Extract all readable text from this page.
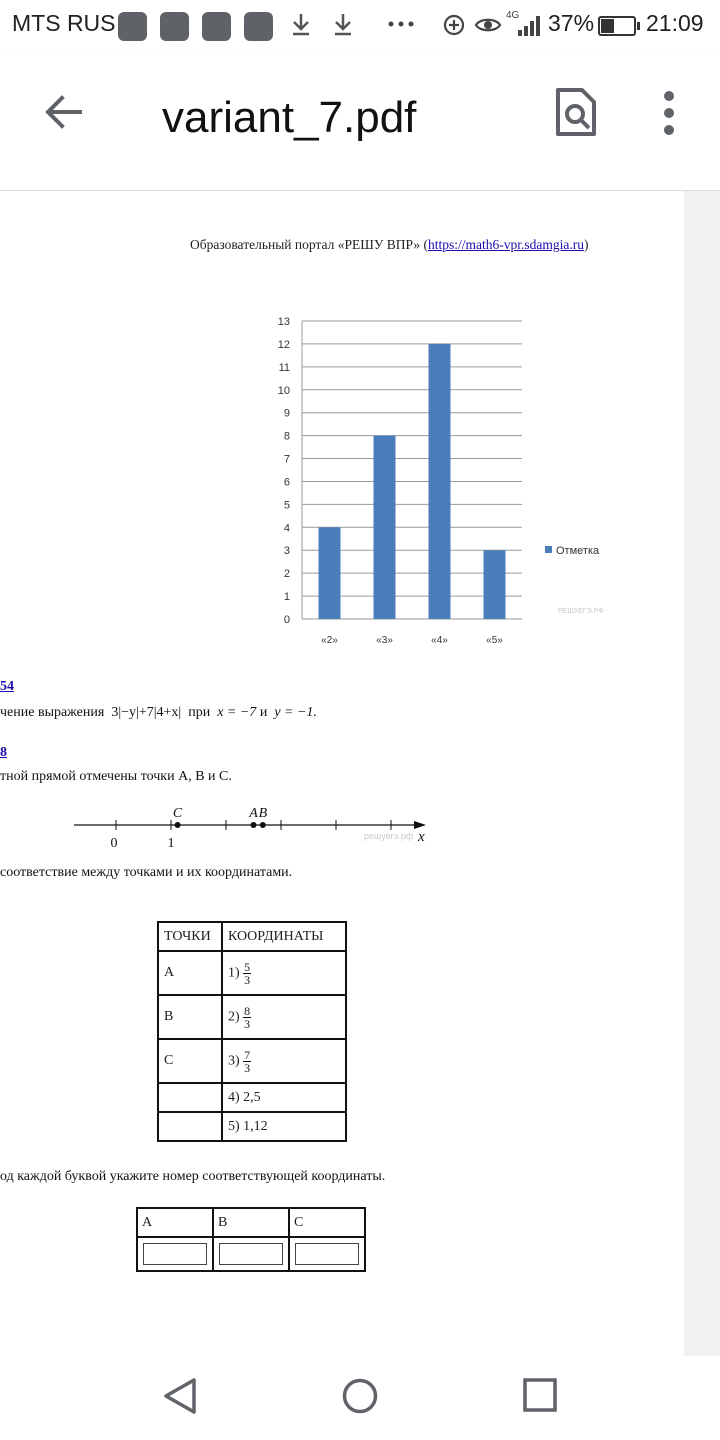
MTS RUS	4G 37% 21:09
variant_7.pdf
Образовательный портал «РЕШУ ВПР» (https://math6-vpr.sdamgia.ru)
0
1
2
3
4
5
6
7
8
9
10
11
12
13
«2»	«3»	«4»	«5»
Отметка
РЕШУЕГЭ.РФ
54
чение выражения 3|−y|+7|4+x| при x = −7 и y = −1.
8
тной прямой отмечены точки A, B и C.
0	1	x
решуегэ.рф
C	A B
соответствие между точками и их координатами.
ТОЧКИ	КООРДИНАТЫ
A	$1) \frac{5}{3}$

B	$2) \frac{8}{3}$

C	$3) \frac{7}{3}$

	4) 2,5
	5) 1,12
од каждой буквой укажите номер соответствующей координаты.
A	B	C
